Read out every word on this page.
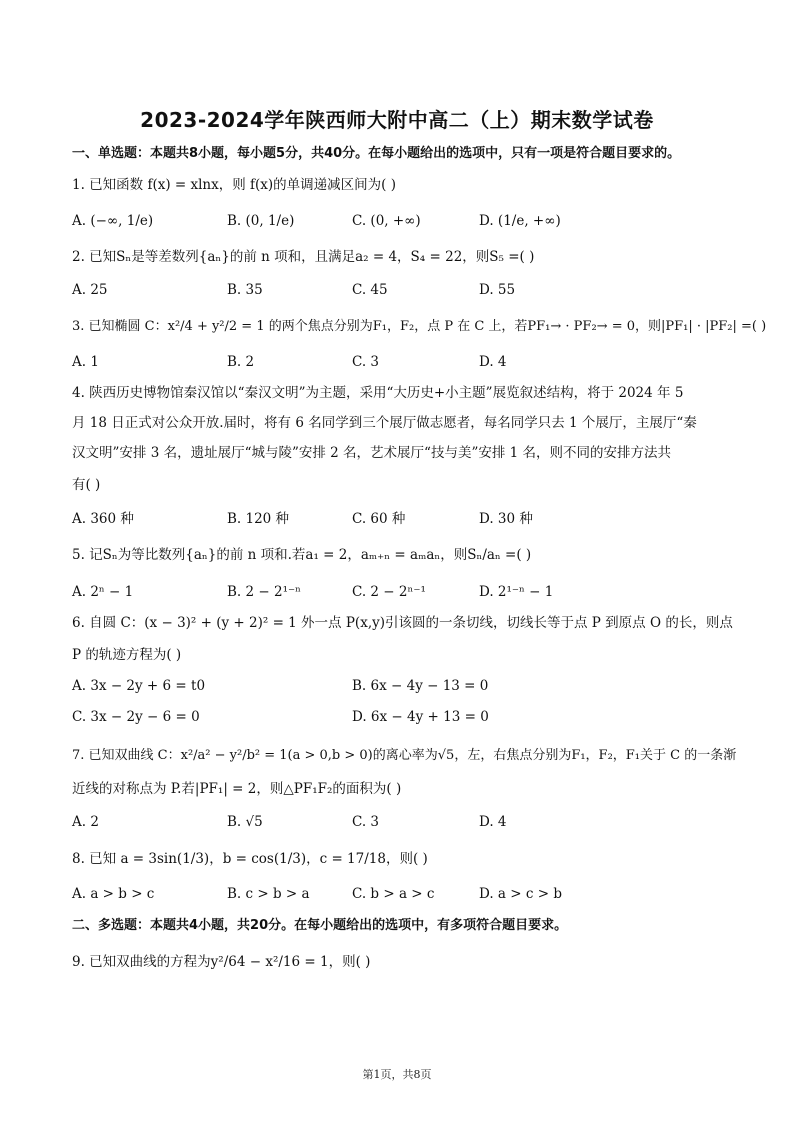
2023-2024学年陕西师大附中高二（上）期末数学试卷
一、单选题：本题共8小题，每小题5分，共40分。在每小题给出的选项中，只有一项是符合题目要求的。
1. 已知函数 f(x) = xlnx，则 f(x)的单调递减区间为( )
A. (−∞, 1/e)	B. (0, 1/e)	C. (0, +∞)	D. (1/e, +∞)
2. 已知Sₙ是等差数列{aₙ}的前 n 项和，且满足a₂ = 4，S₄ = 22，则S₅ =( )
A. 25	B. 35	C. 45	D. 55
3. 已知椭圆 C：x²/4 + y²/2 = 1 的两个焦点分别为F₁，F₂，点 P 在 C 上，若PF₁→ · PF₂→ = 0，则|PF₁| · |PF₂| =( )
A. 1	B. 2	C. 3	D. 4
4. 陕西历史博物馆秦汉馆以“秦汉文明”为主题，采用“大历史+小主题”展览叙述结构，将于 2024 年 5
月 18 日正式对公众开放.届时，将有 6 名同学到三个展厅做志愿者，每名同学只去 1 个展厅，主展厅“秦
汉文明”安排 3 名，遗址展厅“城与陵”安排 2 名，艺术展厅“技与美”安排 1 名，则不同的安排方法共
有( )
A. 360 种	B. 120 种	C. 60 种	D. 30 种
5. 记Sₙ为等比数列{aₙ}的前 n 项和.若a₁ = 2，aₘ₊ₙ = aₘaₙ，则Sₙ/aₙ =( )
A. 2ⁿ − 1	B. 2 − 2¹⁻ⁿ	C. 2 − 2ⁿ⁻¹	D. 2¹⁻ⁿ − 1
6. 自圆 C：(x − 3)² + (y + 2)² = 1 外一点 P(x,y)引该圆的一条切线，切线长等于点 P 到原点 O 的长，则点
P 的轨迹方程为( )
A. 3x − 2y + 6 = t0	B. 6x − 4y − 13 = 0
C. 3x − 2y − 6 = 0	D. 6x − 4y + 13 = 0
7. 已知双曲线 C：x²/a² − y²/b² = 1(a > 0,b > 0)的离心率为√5，左，右焦点分别为F₁，F₂，F₁关于 C 的一条渐
近线的对称点为 P.若|PF₁| = 2，则△PF₁F₂的面积为( )
A. 2	B. √5	C. 3	D. 4
8. 已知 a = 3sin(1/3)，b = cos(1/3)，c = 17/18，则( )
A. a > b > c	B. c > b > a	C. b > a > c	D. a > c > b
二、多选题：本题共4小题，共20分。在每小题给出的选项中，有多项符合题目要求。
9. 已知双曲线的方程为y²/64 − x²/16 = 1，则( )
第1页，共8页
